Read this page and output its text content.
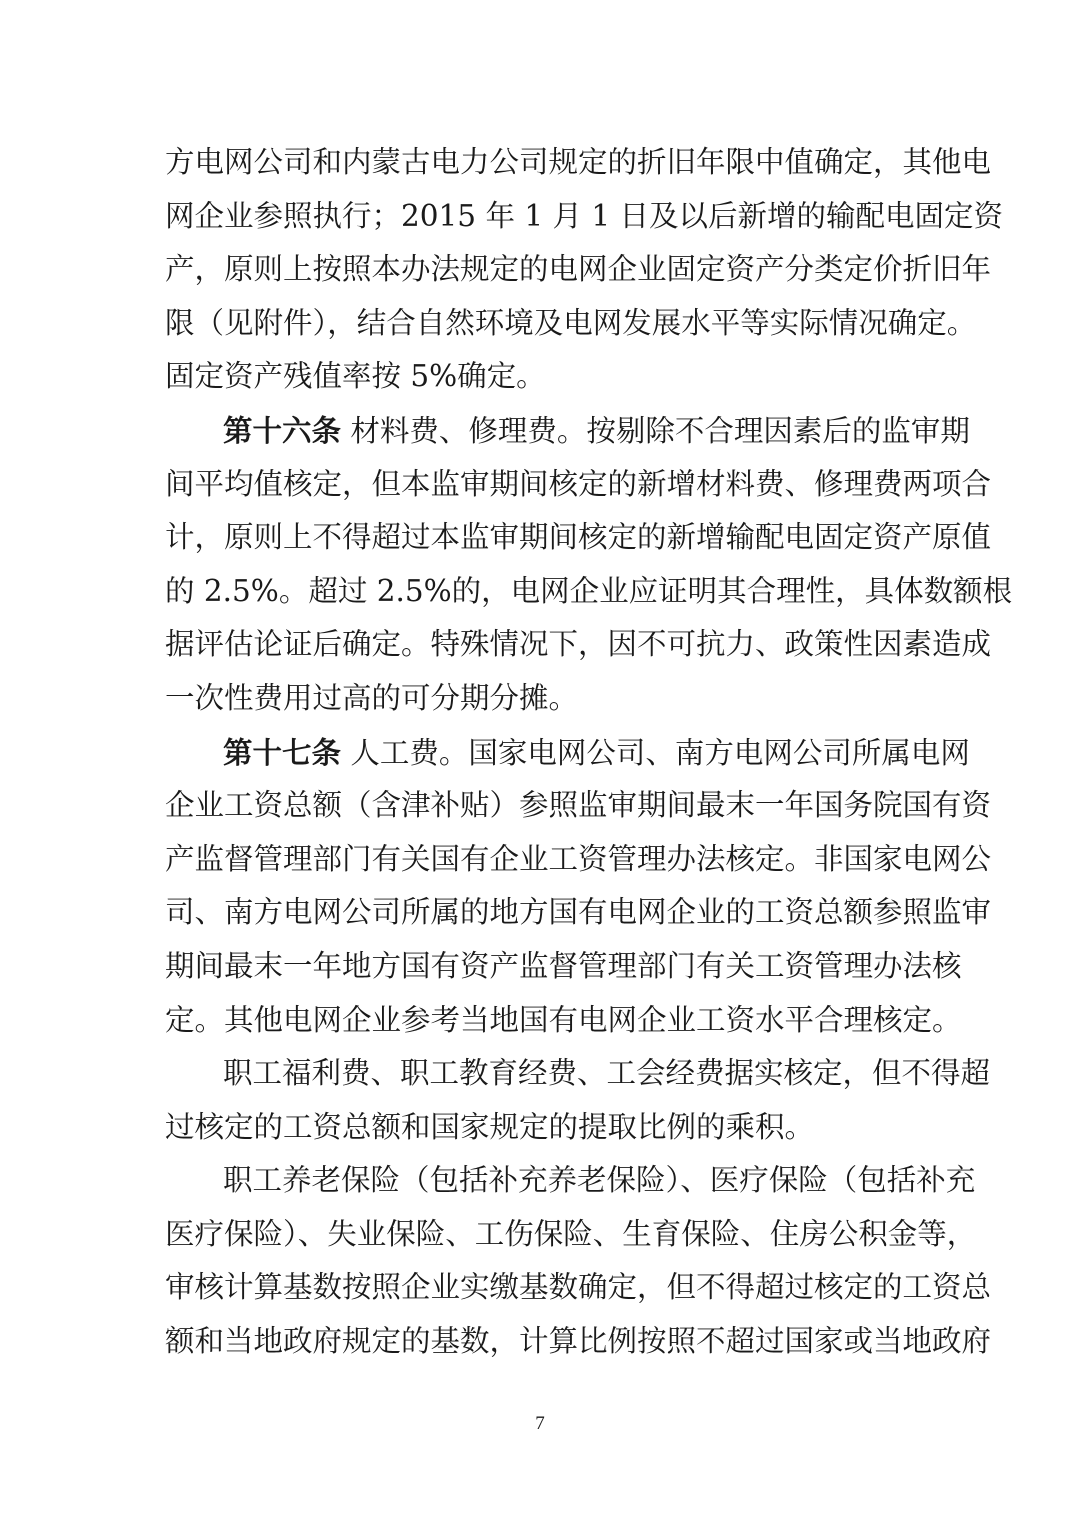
方电网公司和内蒙古电力公司规定的折旧年限中值确定，其他电
网企业参照执行；2015 年 1 月 1 日及以后新增的输配电固定资
产，原则上按照本办法规定的电网企业固定资产分类定价折旧年
限（见附件），结合自然环境及电网发展水平等实际情况确定。
固定资产残值率按 5%确定。
第十六条 材料费、修理费。按剔除不合理因素后的监审期
间平均值核定，但本监审期间核定的新增材料费、修理费两项合
计，原则上不得超过本监审期间核定的新增输配电固定资产原值
的 2.5%。超过 2.5%的，电网企业应证明其合理性，具体数额根
据评估论证后确定。特殊情况下，因不可抗力、政策性因素造成
一次性费用过高的可分期分摊。
第十七条 人工费。国家电网公司、南方电网公司所属电网
企业工资总额（含津补贴）参照监审期间最末一年国务院国有资
产监督管理部门有关国有企业工资管理办法核定。非国家电网公
司、南方电网公司所属的地方国有电网企业的工资总额参照监审
期间最末一年地方国有资产监督管理部门有关工资管理办法核
定。其他电网企业参考当地国有电网企业工资水平合理核定。
职工福利费、职工教育经费、工会经费据实核定，但不得超
过核定的工资总额和国家规定的提取比例的乘积。
职工养老保险（包括补充养老保险）、医疗保险（包括补充
医疗保险）、失业保险、工伤保险、生育保险、住房公积金等，
审核计算基数按照企业实缴基数确定，但不得超过核定的工资总
额和当地政府规定的基数，计算比例按照不超过国家或当地政府
7
